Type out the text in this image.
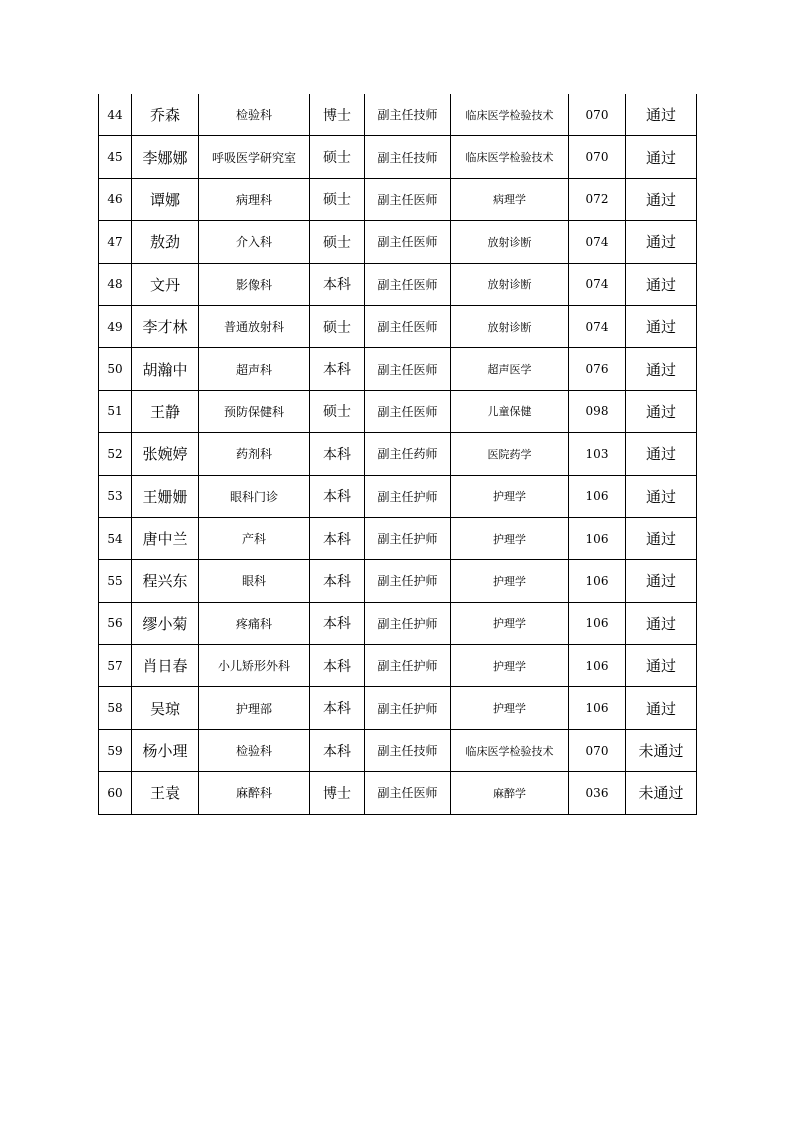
44	乔森	检验科	博士	副主任技师	临床医学检验技术	070	通过
45	李娜娜	呼吸医学研究室	硕士	副主任技师	临床医学检验技术	070	通过
46	谭娜	病理科	硕士	副主任医师	病理学	072	通过
47	敖劲	介入科	硕士	副主任医师	放射诊断	074	通过
48	文丹	影像科	本科	副主任医师	放射诊断	074	通过
49	李才林	普通放射科	硕士	副主任医师	放射诊断	074	通过
50	胡瀚中	超声科	本科	副主任医师	超声医学	076	通过
51	王静	预防保健科	硕士	副主任医师	儿童保健	098	通过
52	张婉婷	药剂科	本科	副主任药师	医院药学	103	通过
53	王姗姗	眼科门诊	本科	副主任护师	护理学	106	通过
54	唐中兰	产科	本科	副主任护师	护理学	106	通过
55	程兴东	眼科	本科	副主任护师	护理学	106	通过
56	缪小菊	疼痛科	本科	副主任护师	护理学	106	通过
57	肖日春	小儿矫形外科	本科	副主任护师	护理学	106	通过
58	吴琼	护理部	本科	副主任护师	护理学	106	通过
59	杨小理	检验科	本科	副主任技师	临床医学检验技术	070	未通过
60	王袁	麻醉科	博士	副主任医师	麻醉学	036	未通过
